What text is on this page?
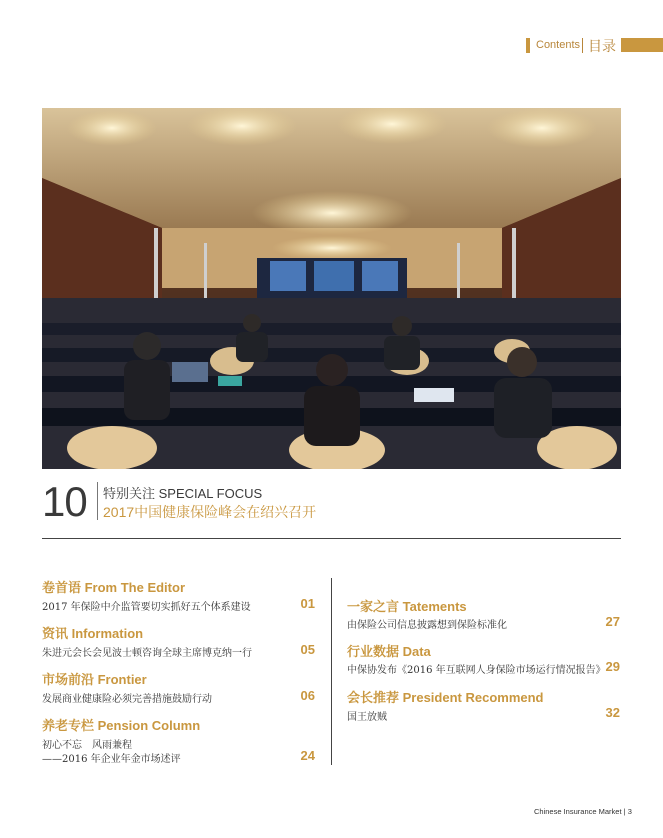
Contents 目录
10 特别关注 SPECIAL FOCUS
2017中国健康保险峰会在绍兴召开
卷首语 From The Editor
2017 年保险中介监管要切实抓好五个体系建设	01
资讯 Information
朱进元会长会见波士顿咨询全球主席博克纳一行	05
市场前沿 Frontier
发展商业健康险必须完善措施鼓励行动	06
养老专栏 Pension Column
初心不忘　风雨兼程
——2016 年企业年金市场述评	24
一家之言 Tatements
由保险公司信息披露想到保险标准化	27
行业数据 Data
中保协发布《2016 年互联网人身保险市场运行情况报告》 29
会长推荐 President Recommend
国王放贼	32
Chinese Insurance Market | 3
